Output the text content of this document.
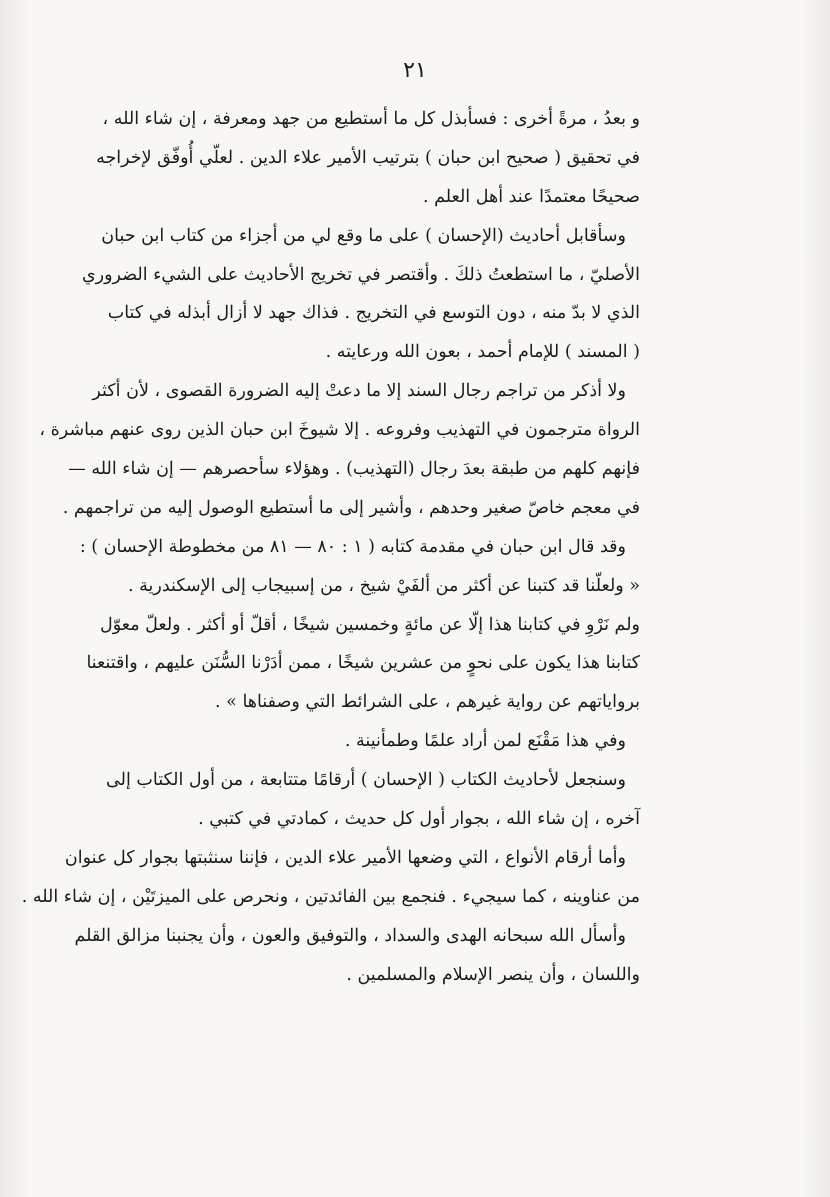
٢١
و بعدُ ، مرةً أخرى : فسأبذل كل ما أستطيع من جهد ومعرفة ، إن شاء الله ،
في تحقيق ( صحيح ابن حبان ) بترتيب الأمير علاء الدين . لعلّي أُوفّق لإخراجه
صحيحًا معتمدًا عند أهل العلم .
وسأقابل أحاديث (الإحسان ) على ما وقع لي من أجزاء من كتاب ابن حبان
الأصليّ ، ما استطعتُ ذلكَ . وأقتصر في تخريج الأحاديث على الشيء الضروري
الذي لا بدّ منه ، دون التوسع في التخريج . فذاك جهد لا أزال أبذله في كتاب
( المسند ) للإمام أحمد ، بعون الله ورعايته .
ولا أذكر من تراجم رجال السند إلا ما دعتْ إليه الضرورة القصوى ، لأن أكثر
الرواة مترجمون في التهذيب وفروعه . إلا شيوخَ ابن حبان الذين روى عنهم مباشرة ،
فإنهم كلهم من طبقة بعدَ رجال (التهذيب) . وهؤلاء سأحصرهم — إن شاء الله —
في معجم خاصّ صغير وحدهم ، وأشير إلى ما أستطيع الوصول إليه من تراجمهم .
وقد قال ابن حبان في مقدمة كتابه ( ١ : ٨٠ — ٨١ من مخطوطة الإحسان ) :
« ولعلّنا قد كتبنا عن أكثر من ألفَيْ شيخ ، من إسبيجاب إلى الإسكندرية .
ولم نَرْوِ في كتابنا هذا إلّا عن مائةٍ وخمسين شيخًا ، أقلّ أو أكثر . ولعلّ معوّل
كتابنا هذا يكون على نحوٍ من عشرين شيخًا ، ممن أدَرْنا السُّنَن عليهم ، واقتنعنا
برواياتهم عن رواية غيرهم ، على الشرائط التي وصفناها » .
وفي هذا مَقْنَع لمن أراد علمًا وطمأنينة .
وسنجعل لأحاديث الكتاب ( الإحسان ) أرقامًا متتابعة ، من أول الكتاب إلى
آخره ، إن شاء الله ، بجوار أول كل حديث ، كمادتي في كتبي .
وأما أرقام الأنواع ، التي وضعها الأمير علاء الدين ، فإننا سنثبتها بجوار كل عنوان
من عناوينه ، كما سيجيء . فنجمع بين الفائدتين ، ونحرص على الميزتَيْن ، إن شاء الله .
وأسأل الله سبحانه الهدى والسداد ، والتوفيق والعون ، وأن يجنبنا مزالق القلم
واللسان ، وأن ينصر الإسلام والمسلمين .
